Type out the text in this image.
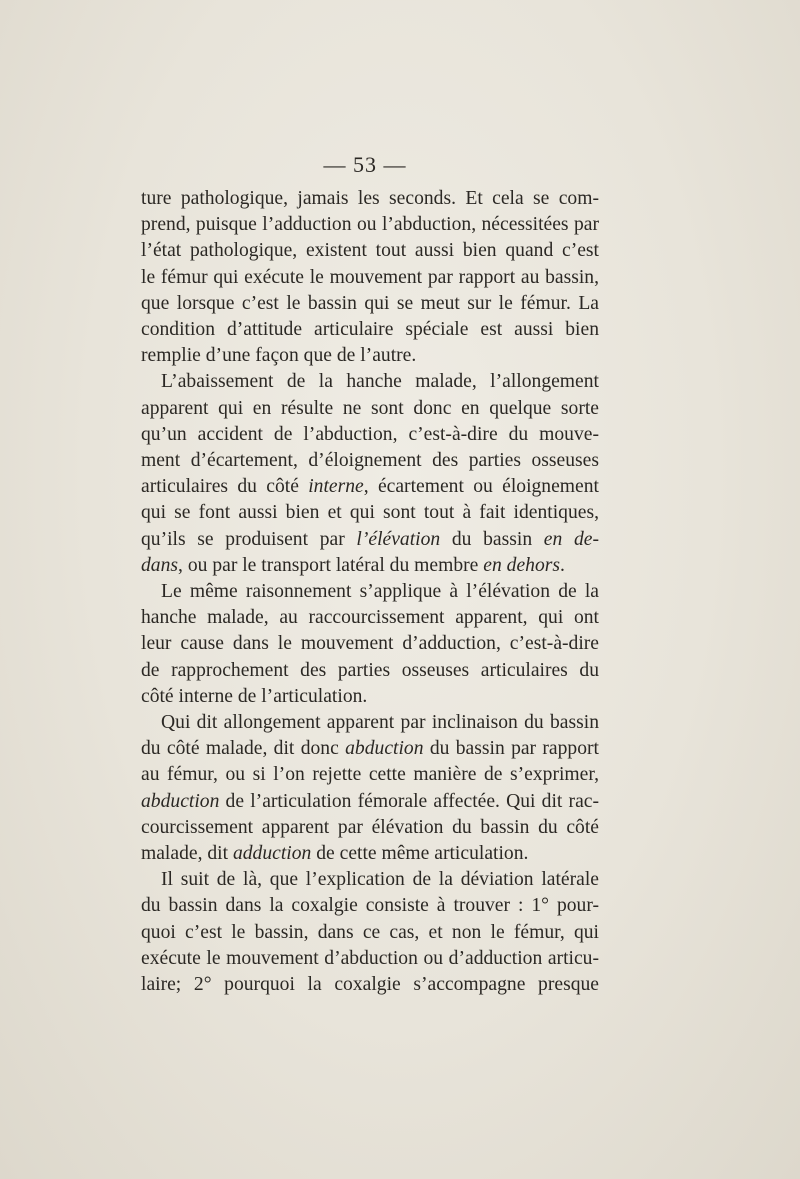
— 53 —
ture pathologique, jamais les seconds. Et cela se com-
prend, puisque l’adduction ou l’abduction, nécessitées par
l’état pathologique, existent tout aussi bien quand c’est
le fémur qui exécute le mouvement par rapport au bassin,
que lorsque c’est le bassin qui se meut sur le fémur. La
condition d’attitude articulaire spéciale est aussi bien
remplie d’une façon que de l’autre.
L’abaissement de la hanche malade, l’allongement
apparent qui en résulte ne sont donc en quelque sorte
qu’un accident de l’abduction, c’est-à-dire du mouve-
ment d’écartement, d’éloignement des parties osseuses
articulaires du côté interne, écartement ou éloignement
qui se font aussi bien et qui sont tout à fait identiques,
qu’ils se produisent par l’élévation du bassin en de-
dans, ou par le transport latéral du membre en dehors.
Le même raisonnement s’applique à l’élévation de la
hanche malade, au raccourcissement apparent, qui ont
leur cause dans le mouvement d’adduction, c’est-à-dire
de rapprochement des parties osseuses articulaires du
côté interne de l’articulation.
Qui dit allongement apparent par inclinaison du bassin
du côté malade, dit donc abduction du bassin par rapport
au fémur, ou si l’on rejette cette manière de s’exprimer,
abduction de l’articulation fémorale affectée. Qui dit rac-
courcissement apparent par élévation du bassin du côté
malade, dit adduction de cette même articulation.
Il suit de là, que l’explication de la déviation latérale
du bassin dans la coxalgie consiste à trouver : 1° pour-
quoi c’est le bassin, dans ce cas, et non le fémur, qui
exécute le mouvement d’abduction ou d’adduction articu-
laire; 2° pourquoi la coxalgie s’accompagne presque
